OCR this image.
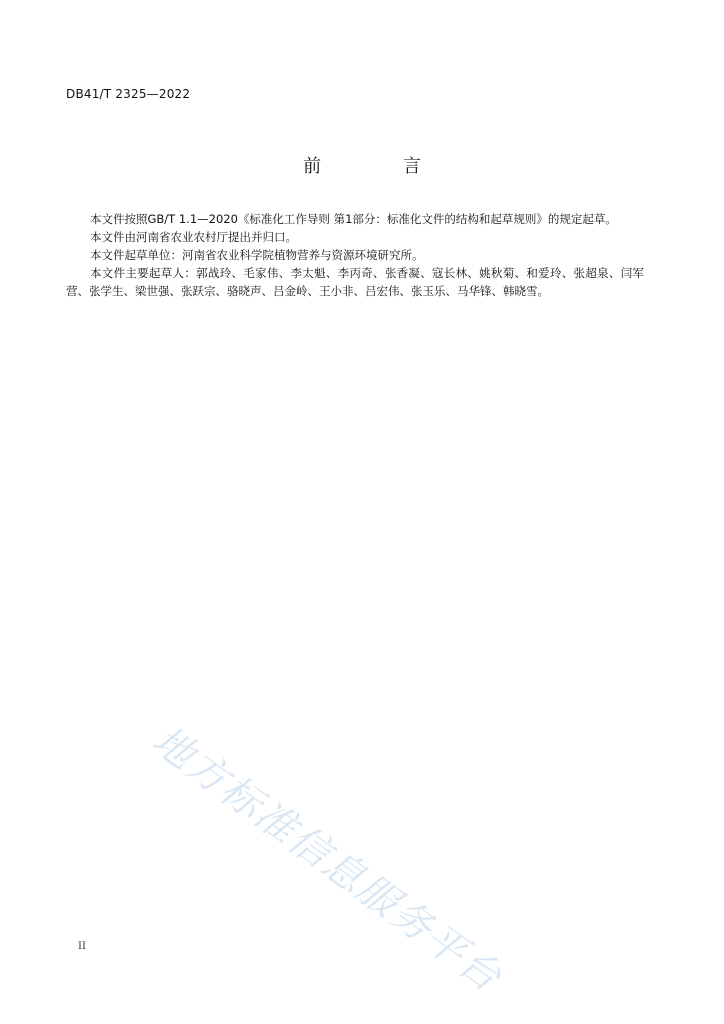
DB41/T 2325—2022
前 言

本文件按照GB/T 1.1—2020《标准化工作导则 第1部分：标准化文件的结构和起草规则》的规定起草。

本文件由河南省农业农村厅提出并归口。

本文件起草单位：河南省农业科学院植物营养与资源环境研究所。

本文件主要起草人：郭战玲、毛家伟、李太魁、李丙奇、张香凝、寇长林、姚秋菊、和爱玲、张超泉、闫军营、张学生、梁世强、张跃宗、骆晓声、吕金岭、王小非、吕宏伟、张玉乐、马华锋、韩晓雪。

地方标准信息服务平台
II
